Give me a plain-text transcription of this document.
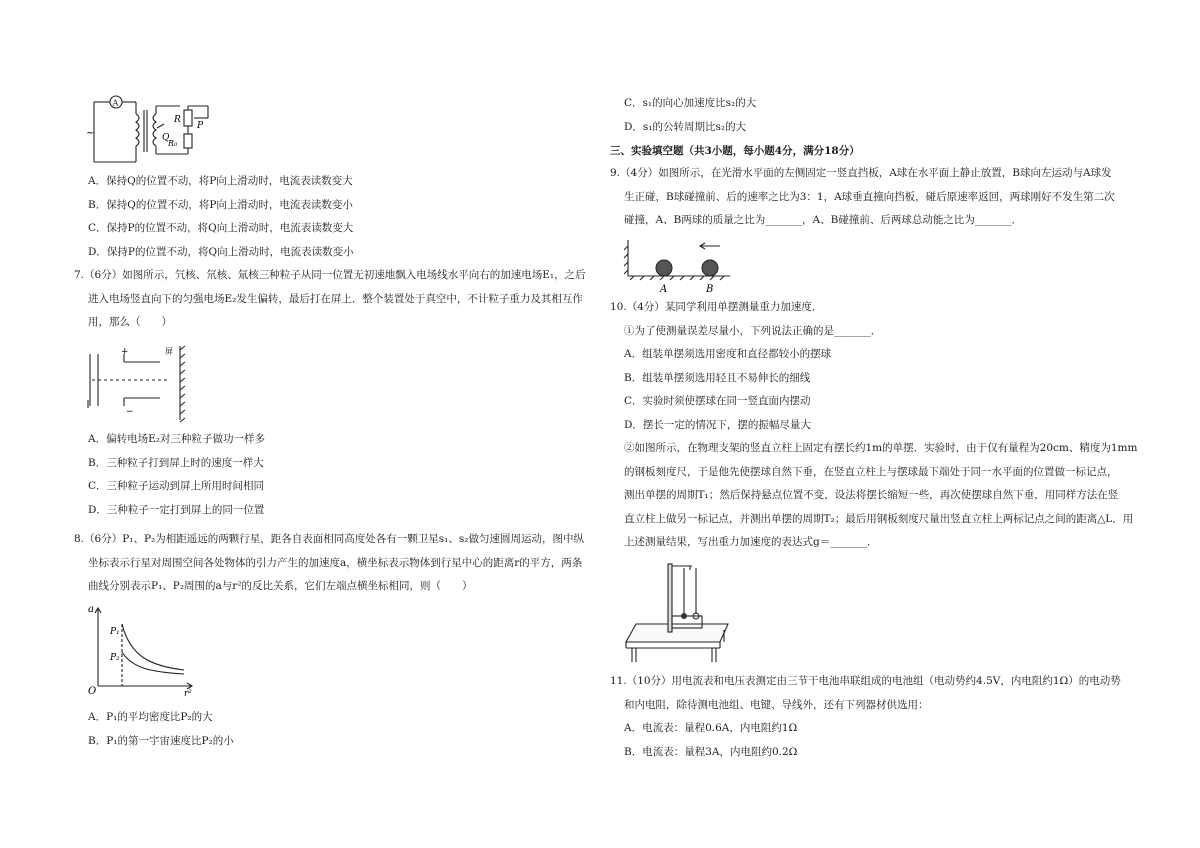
A
~
R
P
Q
R₀
A．保持Q的位置不动，将P向上滑动时，电流表读数变大
B．保持Q的位置不动，将P向上滑动时，电流表读数变小
C．保持P的位置不动，将Q向上滑动时，电流表读数变大
D．保持P的位置不动，将Q向上滑动时，电流表读数变小
7.（6分）如图所示，氕核、氘核、氚核三种粒子从同一位置无初速地飘入电场线水平向右的加速电场E₁，之后
进入电场竖直向下的匀强电场E₂发生偏转，最后打在屏上．整个装置处于真空中，不计粒子重力及其相互作
用，那么（　　）
+
−
屏
A．偏转电场E₂对三种粒子做功一样多
B．三种粒子打到屏上时的速度一样大
C．三种粒子运动到屏上所用时间相同
D．三种粒子一定打到屏上的同一位置
8.（6分）P₁、P₂为相距遥远的两颗行星，距各自表面相同高度处各有一颗卫星s₁、s₂做匀速圆周运动，图中纵
坐标表示行星对周围空间各处物体的引力产生的加速度a，横坐标表示物体到行星中心的距离r的平方，两条
曲线分别表示P₁、P₂周围的a与r²的反比关系，它们左端点横坐标相同，则（　　）
a
P₁
P₂
O	r²
A．P₁的平均密度比P₂的大
B．P₁的第一宇宙速度比P₂的小
C．s₁的向心加速度比s₂的大
D．s₁的公转周期比s₂的大
三、实验填空题（共3小题，每小题4分，满分18分）
9.（4分）如图所示，在光滑水平面的左侧固定一竖直挡板，A球在水平面上静止放置，B球向左运动与A球发
生正碰，B球碰撞前、后的速率之比为3：1，A球垂直撞向挡板，碰后原速率返回，两球刚好不发生第二次
碰撞，A、B两球的质量之比为_______，A、B碰撞前、后两球总动能之比为_______．
A	B
10.（4分）某同学利用单摆测量重力加速度．
①为了使测量误差尽量小，下列说法正确的是_______．
A．组装单摆须选用密度和直径都较小的摆球
B．组装单摆须选用轻且不易伸长的细线
C．实验时须使摆球在同一竖直面内摆动
D．摆长一定的情况下，摆的振幅尽量大
②如图所示，在物理支架的竖直立柱上固定有摆长约1m的单摆．实验时，由于仅有量程为20cm、精度为1mm
的钢板刻度尺，于是他先使摆球自然下垂，在竖直立柱上与摆球最下端处于同一水平面的位置做一标记点，
测出单摆的周期T₁；然后保持悬点位置不变，设法将摆长缩短一些，再次使摆球自然下垂，用同样方法在竖
直立柱上做另一标记点，并测出单摆的周期T₂；最后用钢板刻度尺量出竖直立柱上两标记点之间的距离△L．用
上述测量结果，写出重力加速度的表达式g＝_______．
11.（10分）用电流表和电压表测定由三节干电池串联组成的电池组（电动势约4.5V，内电阻约1Ω）的电动势
和内电阻，除待测电池组、电键、导线外，还有下列器材供选用：
A．电流表：量程0.6A，内电阻约1Ω
B．电流表：量程3A，内电阻约0.2Ω
